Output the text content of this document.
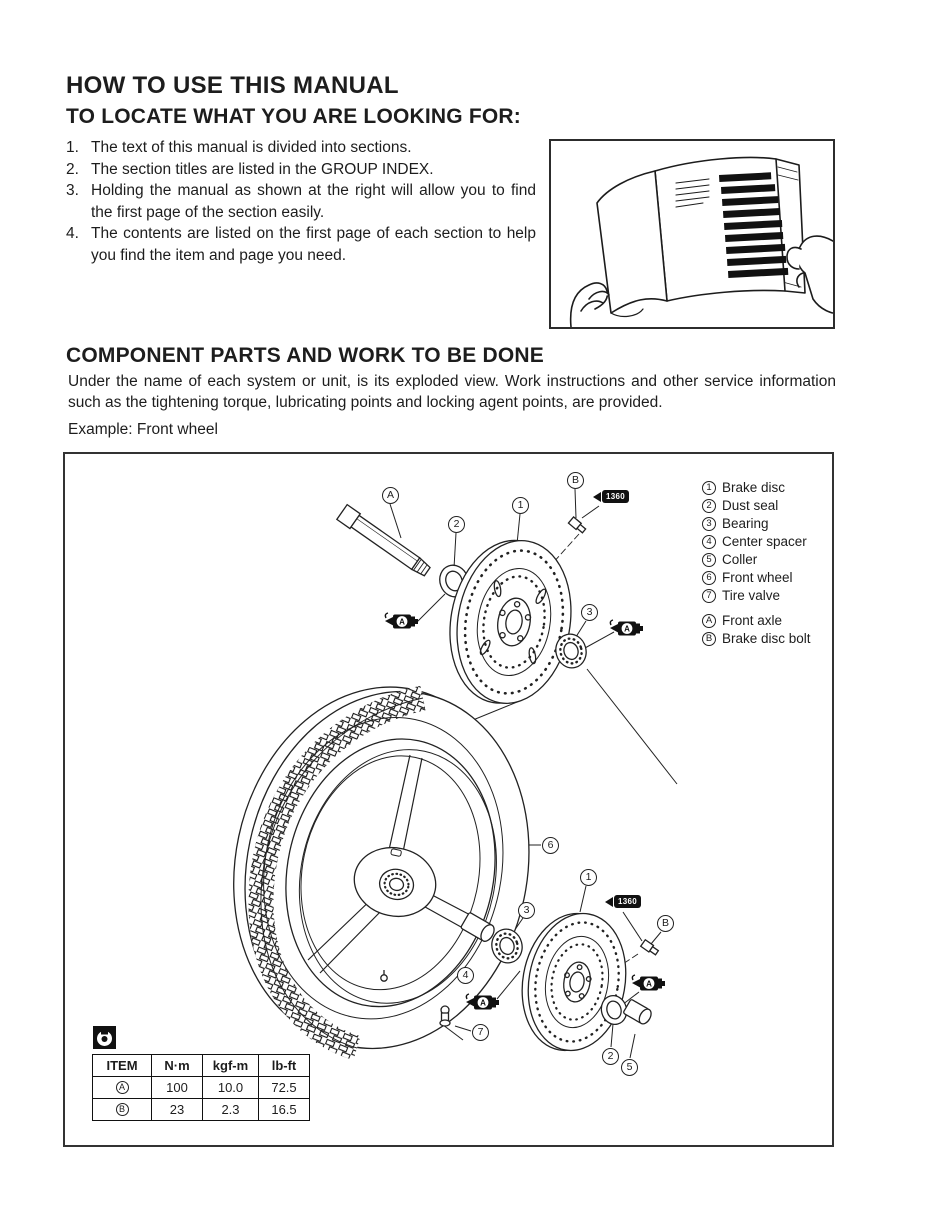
HOW TO USE THIS MANUAL
TO LOCATE WHAT YOU ARE LOOKING FOR:
1. The text of this manual is divided into sections.
2. The section titles are listed in the GROUP INDEX.
3. Holding the manual as shown at the right will allow you to find the first page of the section easily.
4. The contents are listed on the first page of each section to help you find the item and page you need.
COMPONENT PARTS AND WORK TO BE DONE
Under the name of each system or unit, is its exploded view. Work instructions and other service information such as the tightening torque, lubricating points and locking agent points, are provided.
Example: Front wheel
A
2
1
B
3
6
1
3
B
4
7
2
5
1360
1360
A
A
A
A
1 Brake disc
2 Dust seal
3 Bearing
4 Center spacer
5 Coller
6 Front wheel
7 Tire valve
A Front axle
B Brake disc bolt
ITEM	N·m	kgf-m	lb-ft

A	100	10.0	72.5

B	23	2.3	16.5
